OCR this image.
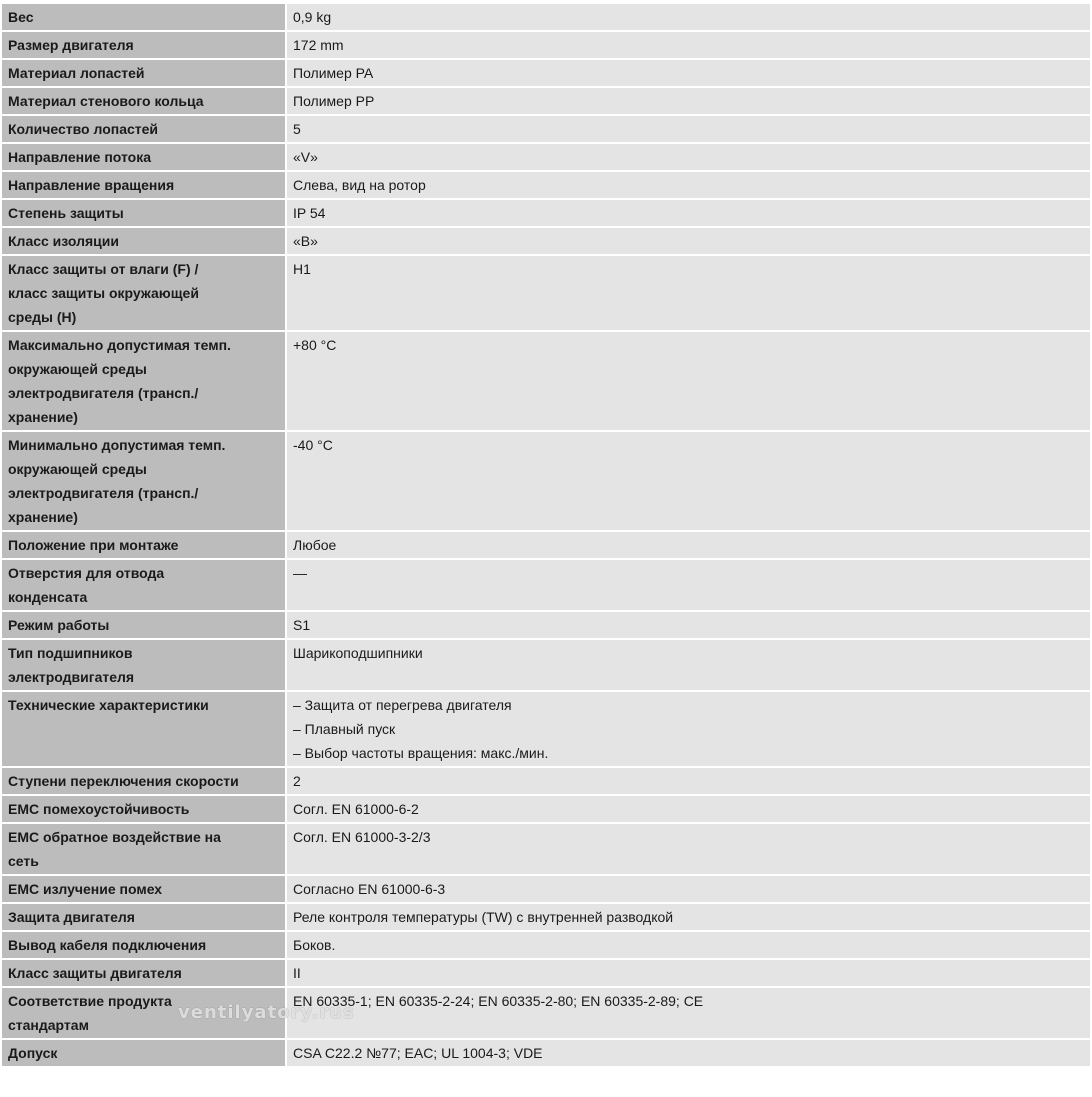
Вес	0,9 kg

Размер двигателя	172 mm

Материал лопастей	Полимер PA

Материал стенового кольца	Полимер PP

Количество лопастей	5

Направление потока	«V»

Направление вращения	Слева, вид на ротор

Степень защиты	IP 54

Класс изоляции	«B»

Класс защиты от влаги (F) /
класс защиты окружающей
среды (H)	H1

Максимально допустимая темп.
окружающей среды
электродвигателя (трансп./
хранение)	+80 °C

Минимально допустимая темп.
окружающей среды
электродвигателя (трансп./
хранение)	-40 °C

Положение при монтаже	Любое

Отверстия для отвода
конденсата	—

Режим работы	S1

Тип подшипников
электродвигателя	Шарикоподшипники

Технические характеристики	– Защита от перегрева двигателя
– Плавный пуск
– Выбор частоты вращения: макс./мин.

Ступени переключения скорости	2

EMC помехоустойчивость	Согл. EN 61000-6-2

EMC обратное воздействие на
сеть	Согл. EN 61000-3-2/3

EMC излучение помех	Согласно EN 61000-6-3

Защита двигателя	Реле контроля температуры (TW) с внутренней разводкой

Вывод кабеля подключения	Боков.

Класс защиты двигателя	II

Соответствие продукта
стандартам	EN 60335-1; EN 60335-2-24; EN 60335-2-80; EN 60335-2-89; CE

Допуск	CSA C22.2 №77; EAC; UL 1004-3; VDE
ventilyatory.rus
